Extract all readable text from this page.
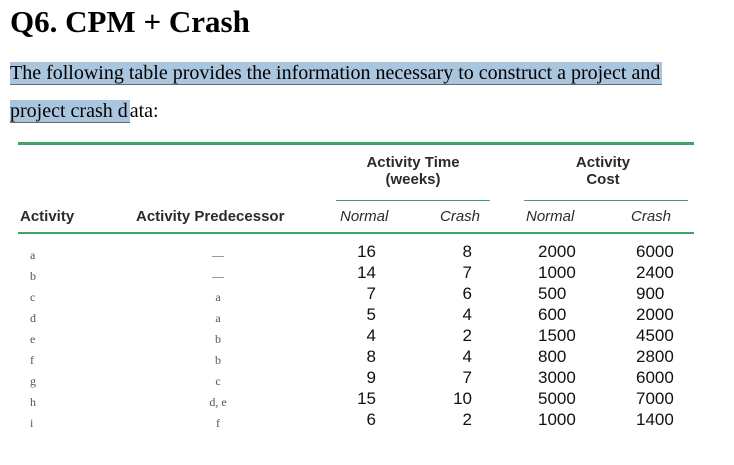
Q6. CPM + Crash
The following table provides the information necessary to construct a project and
project crash d ata:
Activity Time
(weeks)
Activity
Cost
Activity	Activity Predecessor	Normal	Crash	Normal	Crash
a	—	16	8	2000	6000
b	—	14	7	1000	2400
c	a	7	6	500	900
d	a	5	4	600	2000
e	b	4	2	1500	4500
f	b	8	4	800	2800
g	c	9	7	3000	6000
h	d, e	15	10	5000	7000
i	f	6	2	1000	1400
